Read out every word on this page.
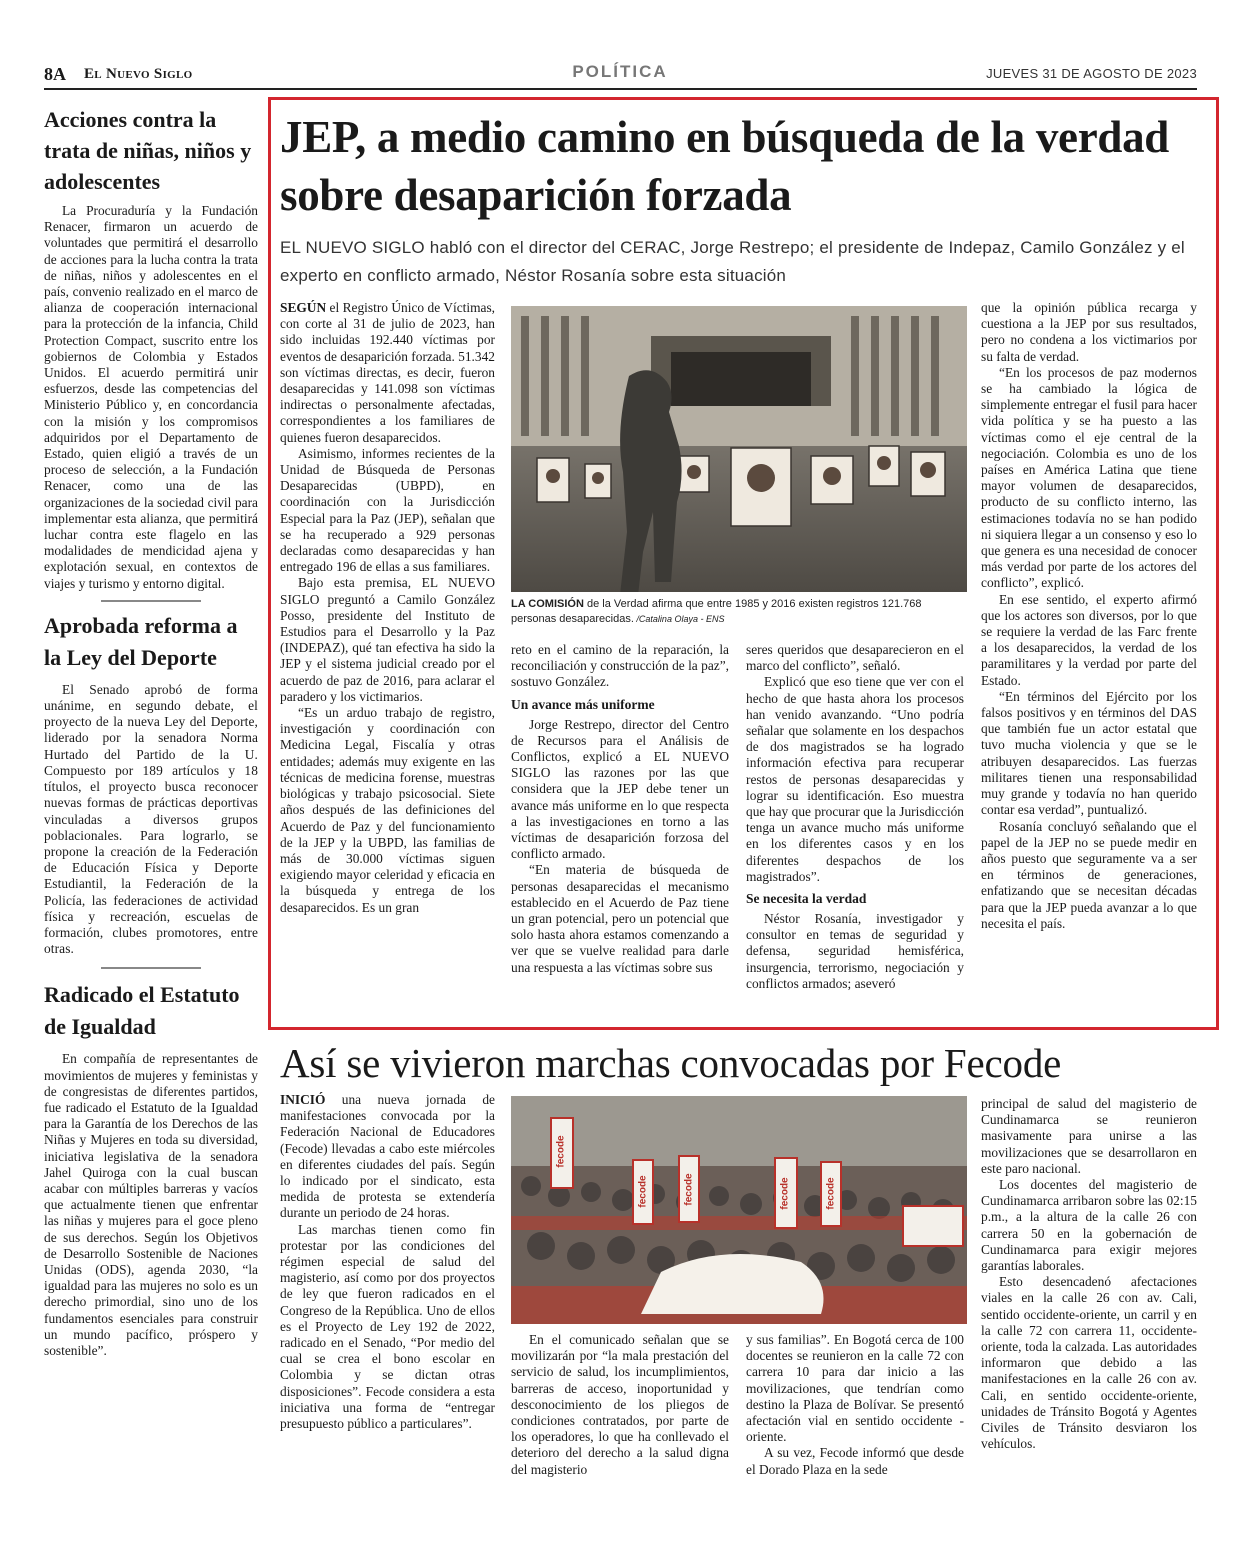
8A El Nuevo Siglo	POLÍTICA	JUEVES 31 DE AGOSTO DE 2023
Acciones contra la trata de niñas, niños y adolescentes

La Procuraduría y la Fundación Renacer, firmaron un acuerdo de voluntades que permitirá el desarrollo de acciones para la lucha contra la trata de niñas, niños y adolescentes en el país, convenio realizado en el marco de alianza de cooperación internacional para la protección de la infancia, Child Protection Compact, suscrito entre los gobiernos de Colombia y Estados Unidos. El acuerdo permitirá unir esfuerzos, desde las competencias del Ministerio Público y, en concordancia con la misión y los compromisos adquiridos por el Departamento de Estado, quien eligió a través de un proceso de selección, a la Fundación Renacer, como una de las organizaciones de la sociedad civil para implementar esta alianza, que permitirá luchar contra este flagelo en las modalidades de mendicidad ajena y explotación sexual, en contextos de viajes y turismo y entorno digital.

Aprobada reforma a la Ley del Deporte

El Senado aprobó de forma unánime, en segundo debate, el proyecto de la nueva Ley del Deporte, liderado por la senadora Norma Hurtado del Partido de la U. Compuesto por 189 artículos y 18 títulos, el proyecto busca reconocer nuevas formas de prácticas deportivas vinculadas a diversos grupos poblacionales. Para lograrlo, se propone la creación de la Federación de Educación Física y Deporte Estudiantil, la Federación de la Policía, las federaciones de actividad física y recreación, escuelas de formación, clubes promotores, entre otras.

Radicado el Estatuto de Igualdad

En compañía de representantes de movimientos de mujeres y feministas y de congresistas de diferentes partidos, fue radicado el Estatuto de la Igualdad para la Garantía de los Derechos de las Niñas y Mujeres en toda su diversidad, iniciativa legislativa de la senadora Jahel Quiroga con la cual buscan acabar con múltiples barreras y vacíos que actualmente tienen que enfrentar las niñas y mujeres para el goce pleno de sus derechos. Según los Objetivos de Desarrollo Sostenible de Naciones Unidas (ODS), agenda 2030, “la igualdad para las mujeres no solo es un derecho primordial, sino uno de los fundamentos esenciales para construir un mundo pacífico, próspero y sostenible”.

JEP, a medio camino en búsqueda de la verdad sobre desaparición forzada

EL NUEVO SIGLO habló con el director del CERAC, Jorge Restrepo; el presidente de Indepaz, Camilo González y el experto en conflicto armado, Néstor Rosanía sobre esta situación

SEGÚN el Registro Único de Víctimas, con corte al 31 de julio de 2023, han sido incluidas 192.440 víctimas por eventos de desaparición forzada. 51.342 son víctimas directas, es decir, fueron desaparecidas y 141.098 son víctimas indirectas o personalmente afectadas, correspondientes a los familiares de quienes fueron desaparecidos.

Asimismo, informes recientes de la Unidad de Búsqueda de Personas Desaparecidas (UBPD), en coordinación con la Jurisdicción Especial para la Paz (JEP), señalan que se ha recuperado a 929 personas declaradas como desaparecidas y han entregado 196 de ellas a sus familiares.

Bajo esta premisa, EL NUEVO SIGLO preguntó a Camilo González Posso, presidente del Instituto de Estudios para el Desarrollo y la Paz (INDEPAZ), qué tan efectiva ha sido la JEP y el sistema judicial creado por el acuerdo de paz de 2016, para aclarar el paradero y los victimarios.

“Es un arduo trabajo de registro, investigación y coordinación con Medicina Legal, Fiscalía y otras entidades; además muy exigente en las técnicas de medicina forense, muestras biológicas y trabajo psicosocial. Siete años después de las definiciones del Acuerdo de Paz y del funcionamiento de la JEP y la UBPD, las familias de más de 30.000 víctimas siguen exigiendo mayor celeridad y eficacia en la búsqueda y entrega de los desaparecidos. Es un gran

LA COMISIÓN de la Verdad afirma que entre 1985 y 2016 existen registros 121.768 personas desaparecidas. /Catalina Olaya - ENS

reto en el camino de la reparación, la reconciliación y construcción de la paz”, sostuvo González.

Un avance más uniforme

Jorge Restrepo, director del Centro de Recursos para el Análisis de Conflictos, explicó a EL NUEVO SIGLO las razones por las que considera que la JEP debe tener un avance más uniforme en lo que respecta a las investigaciones en torno a las víctimas de desaparición forzosa del conflicto armado.

“En materia de búsqueda de personas desaparecidas el mecanismo establecido en el Acuerdo de Paz tiene un gran potencial, pero un potencial que solo hasta ahora estamos comenzando a ver que se vuelve realidad para darle una respuesta a las víctimas sobre sus

seres queridos que desaparecieron en el marco del conflicto”, señaló.

Explicó que eso tiene que ver con el hecho de que hasta ahora los procesos han venido avanzando. “Uno podría señalar que solamente en los despachos de dos magistrados se ha logrado información efectiva para recuperar restos de personas desaparecidas y lograr su identificación. Eso muestra que hay que procurar que la Jurisdicción tenga un avance mucho más uniforme en los diferentes casos y en los diferentes despachos de los magistrados”.

Se necesita la verdad

Néstor Rosanía, investigador y consultor en temas de seguridad y defensa, seguridad hemisférica, insurgencia, terrorismo, negociación y conflictos armados; aseveró

que la opinión pública recarga y cuestiona a la JEP por sus resultados, pero no condena a los victimarios por su falta de verdad.

“En los procesos de paz modernos se ha cambiado la lógica de simplemente entregar el fusil para hacer vida política y se ha puesto a las víctimas como el eje central de la negociación. Colombia es uno de los países en América Latina que tiene mayor volumen de desaparecidos, producto de su conflicto interno, las estimaciones todavía no se han podido ni siquiera llegar a un consenso y eso lo que genera es una necesidad de conocer más verdad por parte de los actores del conflicto”, explicó.

En ese sentido, el experto afirmó que los actores son diversos, por lo que se requiere la verdad de las Farc frente a los desaparecidos, la verdad de los paramilitares y la verdad por parte del Estado.

“En términos del Ejército por los falsos positivos y en términos del DAS que también fue un actor estatal que tuvo mucha violencia y que se le atribuyen desaparecidos. Las fuerzas militares tienen una responsabilidad muy grande y todavía no han querido contar esa verdad”, puntualizó.

Rosanía concluyó señalando que el papel de la JEP no se puede medir en años puesto que seguramente va a ser en términos de generaciones, enfatizando que se necesitan décadas para que la JEP pueda avanzar a lo que necesita el país.

Así se vivieron marchas convocadas por Fecode

INICIÓ una nueva jornada de manifestaciones convocada por la Federación Nacional de Educadores (Fecode) llevadas a cabo este miércoles en diferentes ciudades del país. Según lo indicado por el sindicato, esta medida de protesta se extendería durante un periodo de 24 horas.

Las marchas tienen como fin protestar por las condiciones del régimen especial de salud del magisterio, así como por dos proyectos de ley que fueron radicados en el Congreso de la República. Uno de ellos es el Proyecto de Ley 192 de 2022, radicado en el Senado, “Por medio del cual se crea el bono escolar en Colombia y se dictan otras disposiciones”. Fecode considera a esta iniciativa una forma de “entregar presupuesto público a particulares”.

fecode
fecode	fecode	fecode	fecode

En el comunicado señalan que se movilizarán por “la mala prestación del servicio de salud, los incumplimientos, barreras de acceso, inoportunidad y desconocimiento de los pliegos de condiciones contratados, por parte de los operadores, lo que ha conllevado el deterioro del derecho a la salud digna del magisterio

y sus familias”. En Bogotá cerca de 100 docentes se reunieron en la calle 72 con carrera 10 para dar inicio a las movilizaciones, que tendrían como destino la Plaza de Bolívar. Se presentó afectación vial en sentido occidente - oriente.

A su vez, Fecode informó que desde el Dorado Plaza en la sede

principal de salud del magisterio de Cundinamarca se reunieron masivamente para unirse a las movilizaciones que se desarrollaron en este paro nacional.

Los docentes del magisterio de Cundinamarca arribaron sobre las 02:15 p.m., a la altura de la calle 26 con carrera 50 en la gobernación de Cundinamarca para exigir mejores garantías laborales.

Esto desencadenó afectaciones viales en la calle 26 con av. Cali, sentido occidente-oriente, un carril y en la calle 72 con carrera 11, occidente-oriente, toda la calzada. Las autoridades informaron que debido a las manifestaciones en la calle 26 con av. Cali, en sentido occidente-oriente, unidades de Tránsito Bogotá y Agentes Civiles de Tránsito desviaron los vehículos.
